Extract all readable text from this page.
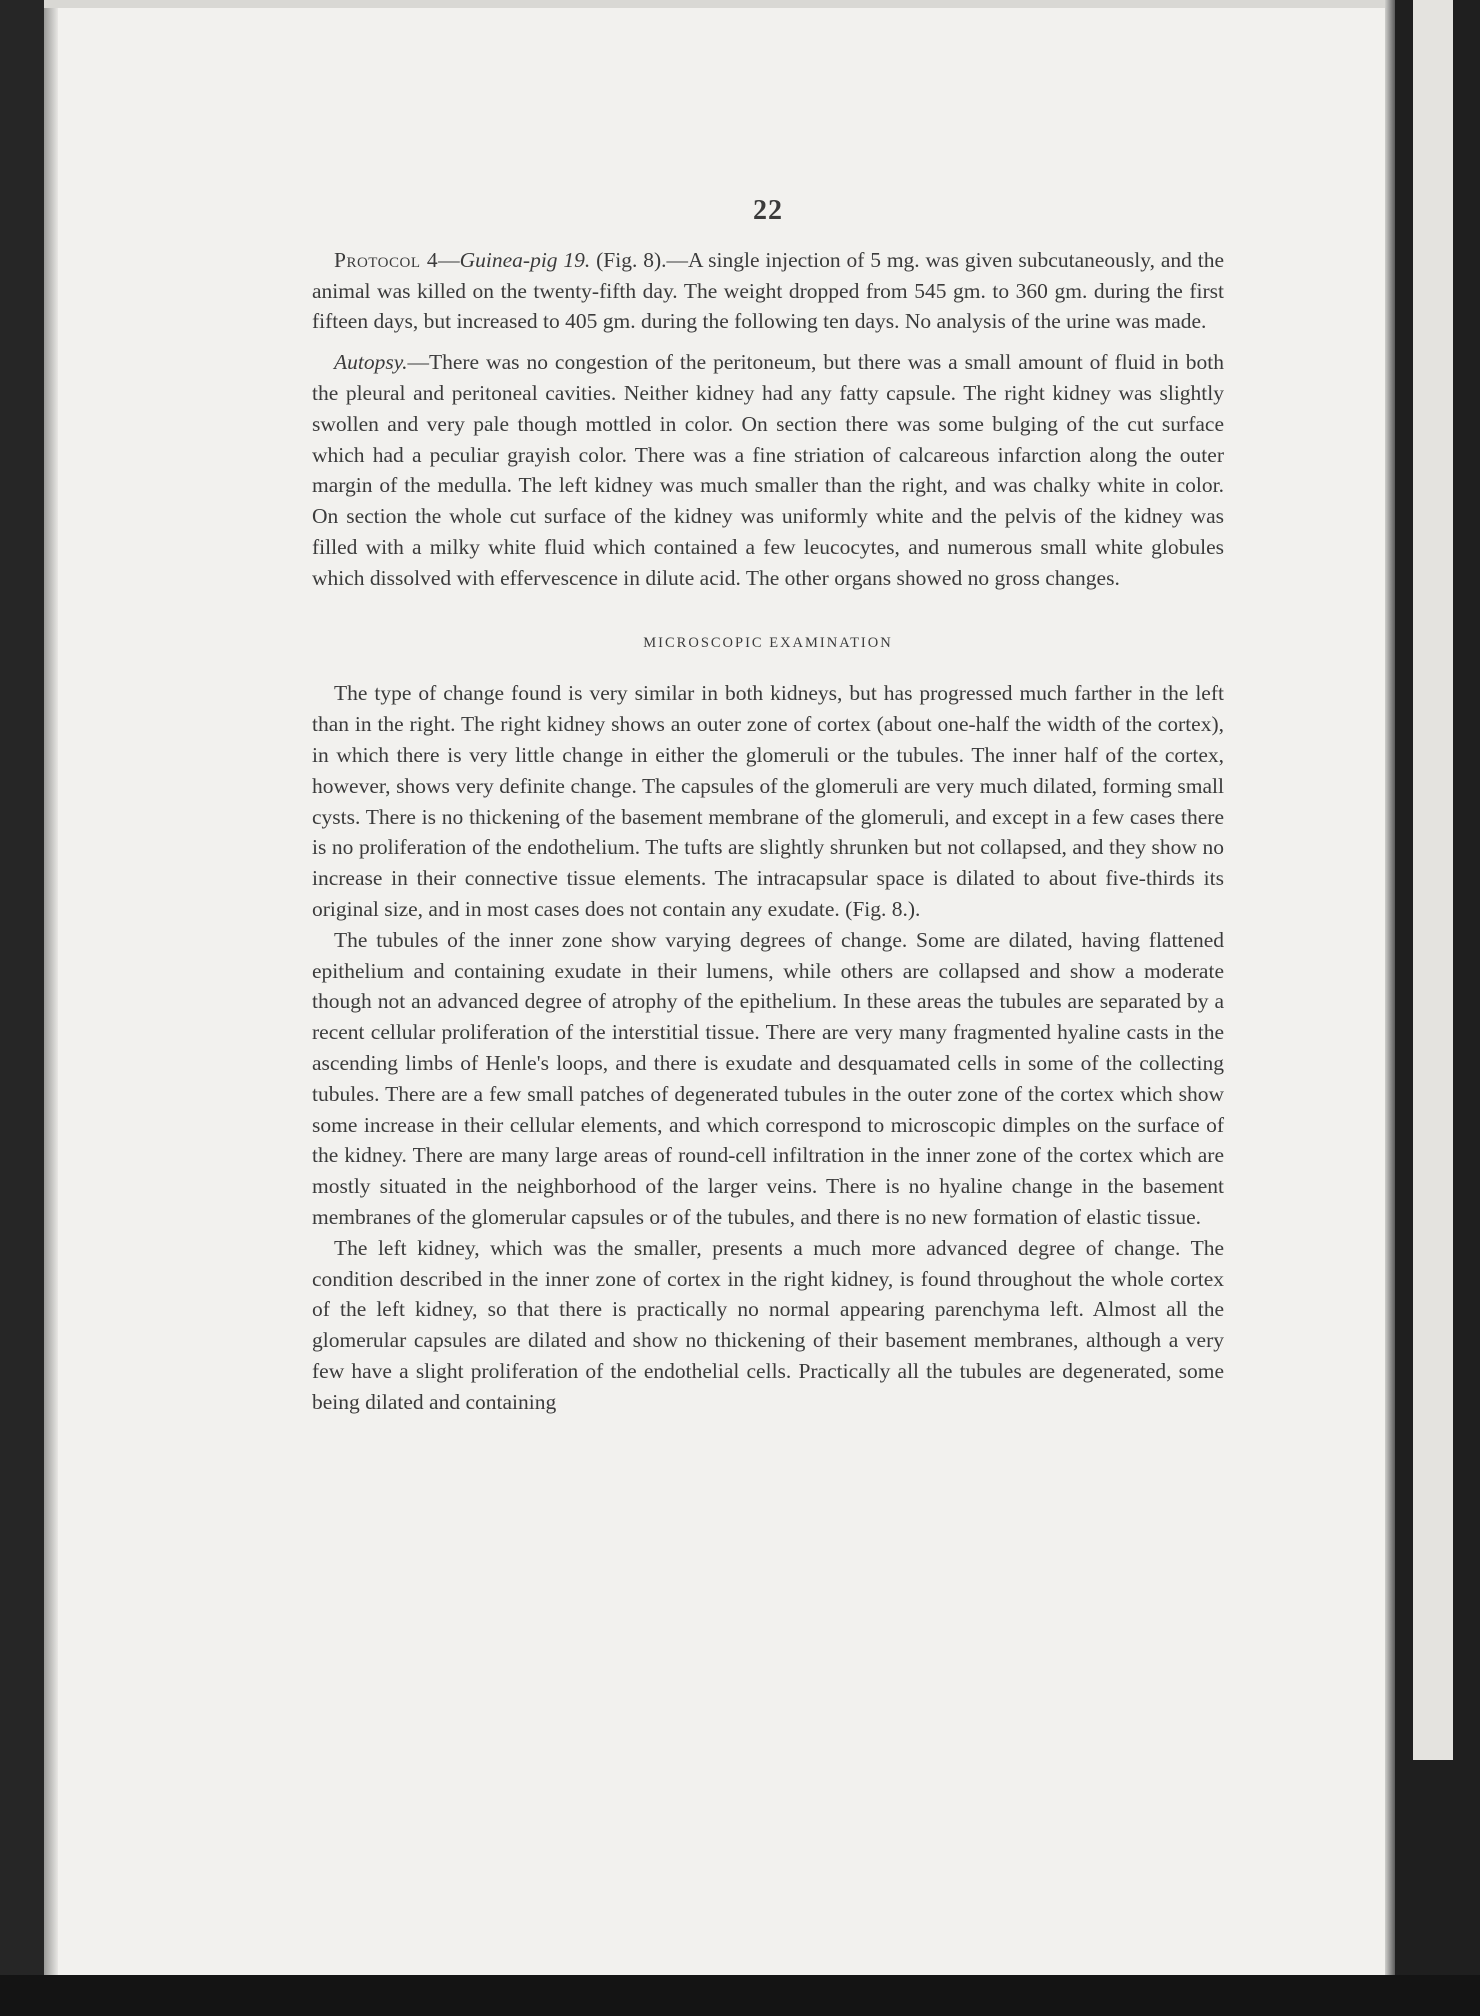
22

Protocol 4—Guinea-pig 19. (Fig. 8).—A single injection of 5 mg. was given subcutaneously, and the animal was killed on the twenty-fifth day. The weight dropped from 545 gm. to 360 gm. during the first fifteen days, but increased to 405 gm. during the following ten days. No analysis of the urine was made.

Autopsy.—There was no congestion of the peritoneum, but there was a small amount of fluid in both the pleural and peritoneal cavities. Neither kidney had any fatty capsule. The right kidney was slightly swollen and very pale though mottled in color. On section there was some bulging of the cut surface which had a peculiar grayish color. There was a fine striation of calcareous infarction along the outer margin of the medulla. The left kidney was much smaller than the right, and was chalky white in color. On section the whole cut surface of the kidney was uniformly white and the pelvis of the kidney was filled with a milky white fluid which contained a few leucocytes, and numerous small white globules which dissolved with effervescence in dilute acid. The other organs showed no gross changes.

MICROSCOPIC EXAMINATION

The type of change found is very similar in both kidneys, but has progressed much farther in the left than in the right. The right kidney shows an outer zone of cortex (about one-half the width of the cortex), in which there is very little change in either the glomeruli or the tubules. The inner half of the cortex, however, shows very definite change. The capsules of the glomeruli are very much dilated, forming small cysts. There is no thickening of the basement membrane of the glomeruli, and except in a few cases there is no proliferation of the endothelium. The tufts are slightly shrunken but not collapsed, and they show no increase in their connective tissue elements. The intracapsular space is dilated to about five-thirds its original size, and in most cases does not contain any exudate. (Fig. 8.).

The tubules of the inner zone show varying degrees of change. Some are dilated, having flattened epithelium and containing exudate in their lumens, while others are collapsed and show a moderate though not an advanced degree of atrophy of the epithelium. In these areas the tubules are separated by a recent cellular proliferation of the interstitial tissue. There are very many fragmented hyaline casts in the ascending limbs of Henle's loops, and there is exudate and desquamated cells in some of the collecting tubules. There are a few small patches of degenerated tubules in the outer zone of the cortex which show some increase in their cellular elements, and which correspond to microscopic dimples on the surface of the kidney. There are many large areas of round-cell infiltration in the inner zone of the cortex which are mostly situated in the neighborhood of the larger veins. There is no hyaline change in the basement membranes of the glomerular capsules or of the tubules, and there is no new formation of elastic tissue.

The left kidney, which was the smaller, presents a much more advanced degree of change. The condition described in the inner zone of cortex in the right kidney, is found throughout the whole cortex of the left kidney, so that there is practically no normal appearing parenchyma left. Almost all the glomerular capsules are dilated and show no thickening of their basement membranes, although a very few have a slight proliferation of the endothelial cells. Practically all the tubules are degenerated, some being dilated and containing
